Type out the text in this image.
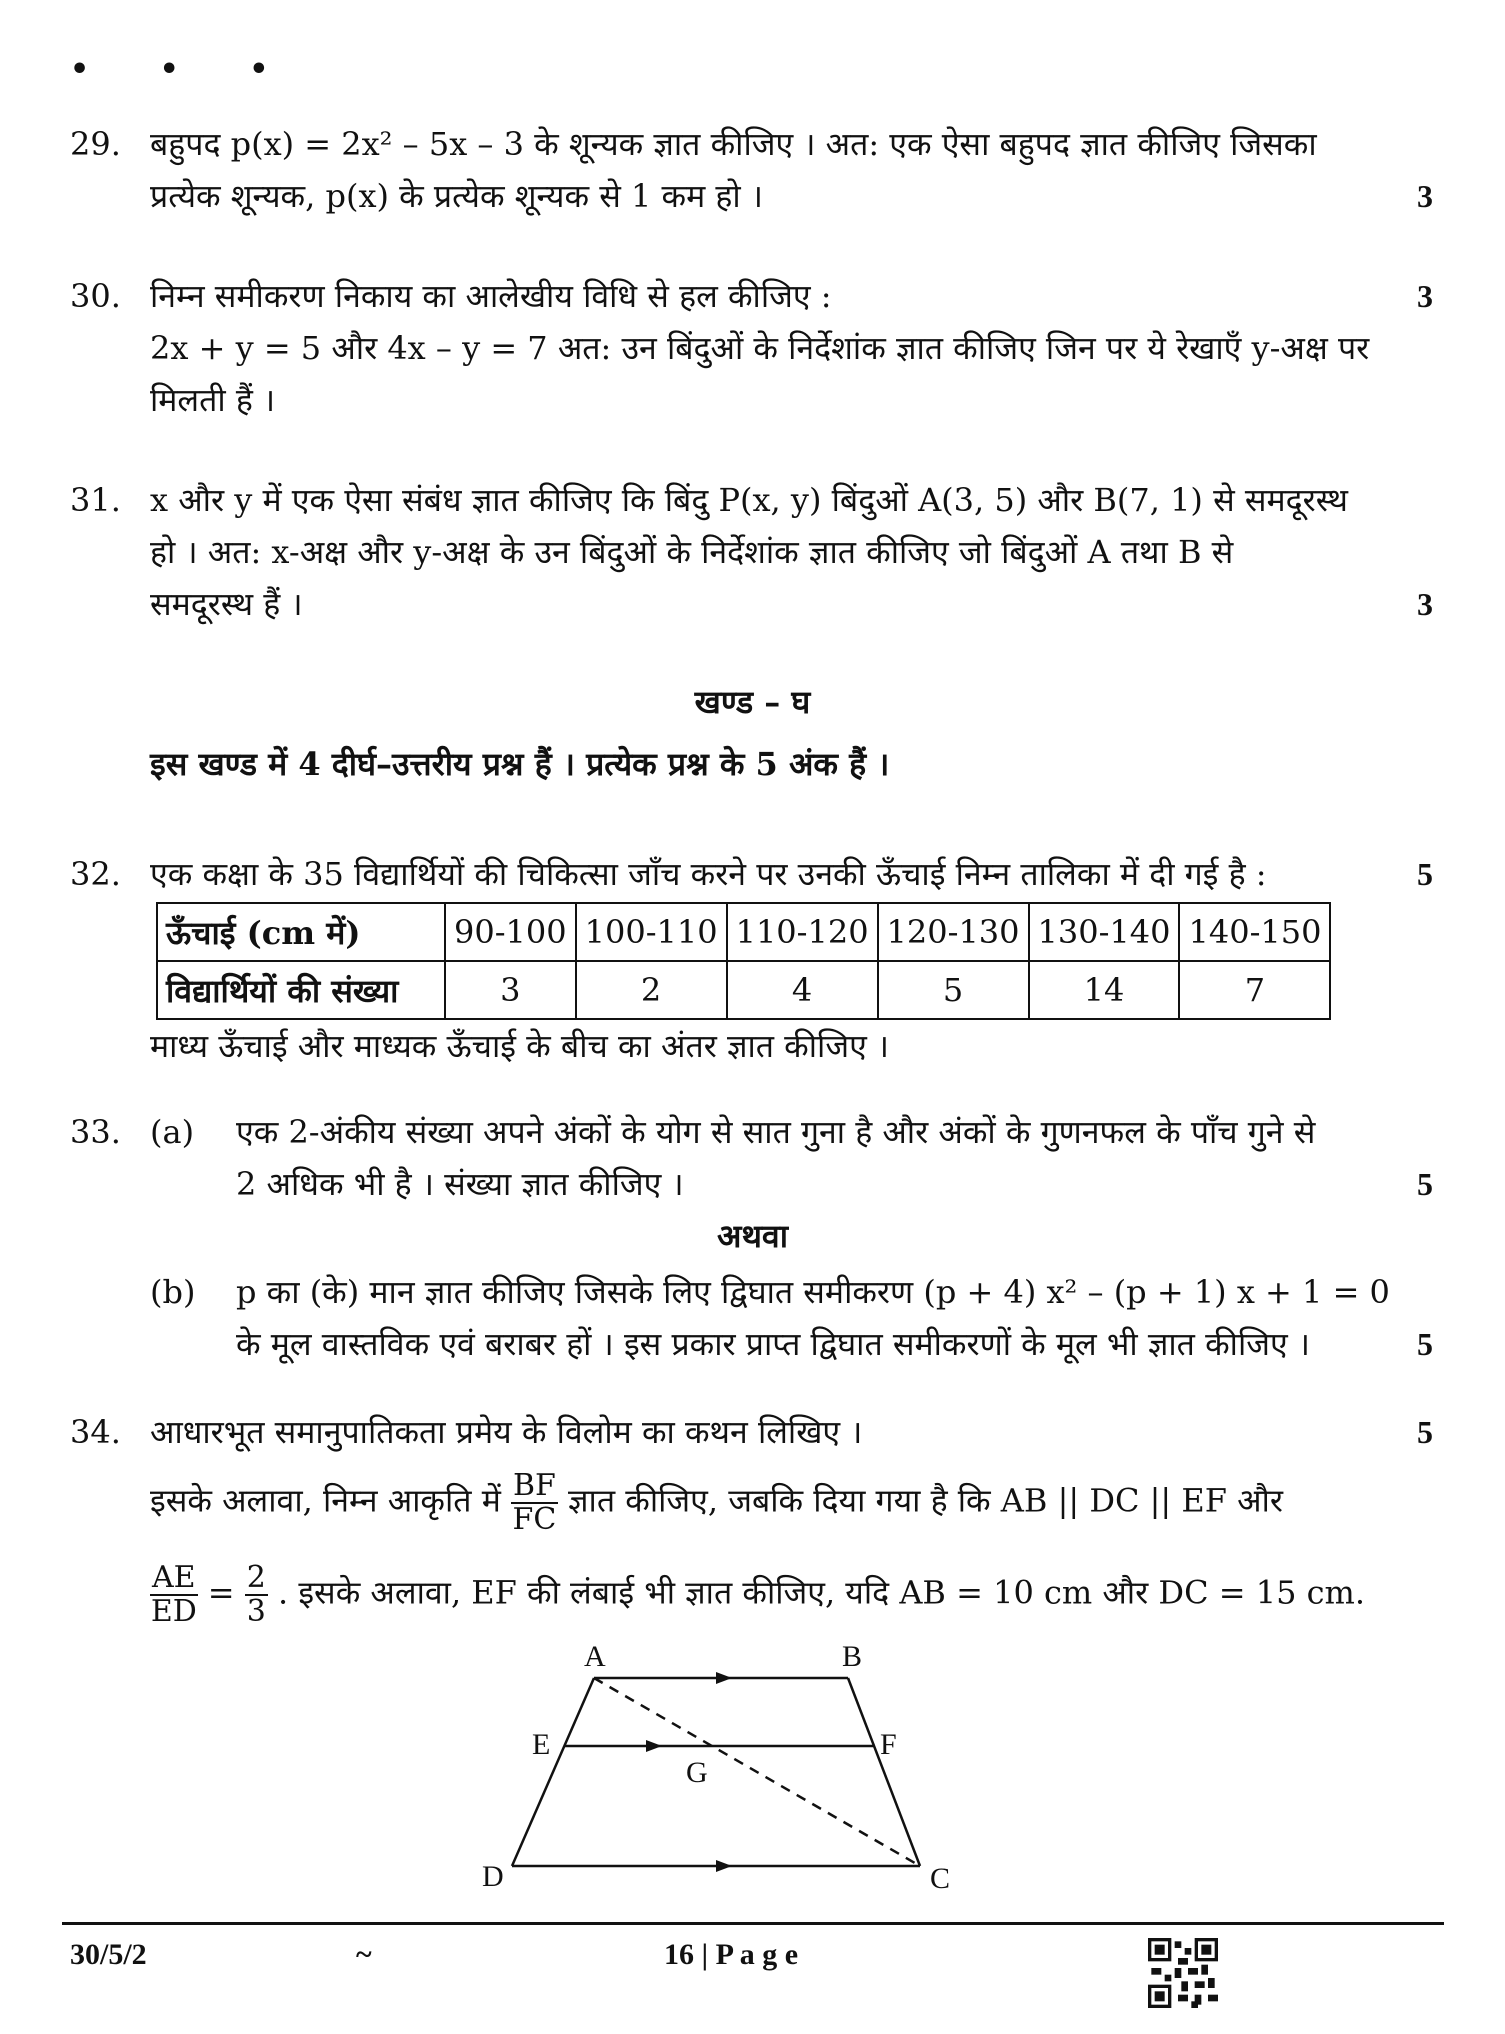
• • •
29. बहुपद p(x) = 2x² – 5x – 3 के शून्यक ज्ञात कीजिए । अत: एक ऐसा बहुपद ज्ञात कीजिए जिसका
प्रत्येक शून्यक, p(x) के प्रत्येक शून्यक से 1 कम हो ।	3
30. निम्न समीकरण निकाय का आलेखीय विधि से हल कीजिए :	3
2x + y = 5 और 4x – y = 7 अत: उन बिंदुओं के निर्देशांक ज्ञात कीजिए जिन पर ये रेखाएँ y-अक्ष पर
मिलती हैं ।
31. x और y में एक ऐसा संबंध ज्ञात कीजिए कि बिंदु P(x, y) बिंदुओं A(3, 5) और B(7, 1) से समदूरस्थ
हो । अत: x-अक्ष और y-अक्ष के उन बिंदुओं के निर्देशांक ज्ञात कीजिए जो बिंदुओं A तथा B से
समदूरस्थ हैं ।	3
खण्ड – घ
इस खण्ड में 4 दीर्घ–उत्तरीय प्रश्न हैं । प्रत्येक प्रश्न के 5 अंक हैं ।
32. एक कक्षा के 35 विद्यार्थियों की चिकित्सा जाँच करने पर उनकी ऊँचाई निम्न तालिका में दी गई है :	5
ऊँचाई (cm में)	90-100	100-110	110-120	120-130	130-140	140-150
विद्यार्थियों की संख्या	3	2	4	5	14	7
माध्य ऊँचाई और माध्यक ऊँचाई के बीच का अंतर ज्ञात कीजिए ।
33. (a) एक 2-अंकीय संख्या अपने अंकों के योग से सात गुना है और अंकों के गुणनफल के पाँच गुने से
2 अधिक भी है । संख्या ज्ञात कीजिए ।	5
अथवा
(b) p का (के) मान ज्ञात कीजिए जिसके लिए द्विघात समीकरण (p + 4) x² – (p + 1) x + 1 = 0
के मूल वास्तविक एवं बराबर हों । इस प्रकार प्राप्त द्विघात समीकरणों के मूल भी ज्ञात कीजिए ।	5
34. आधारभूत समानुपातिकता प्रमेय के विलोम का कथन लिखिए ।	5
इसके अलावा, निम्न आकृति में $\frac{BF}{FC}$ ज्ञात कीजिए, जबकि दिया गया है कि AB || DC || EF और
$\frac{AE}{ED} = \frac{2}{3}$ . इसके अलावा, EF की लंबाई भी ज्ञात कीजिए, यदि AB = 10 cm और DC = 15 cm.
A	B
C
D
E	F
G
30/5/2	~	16 | P a g e
